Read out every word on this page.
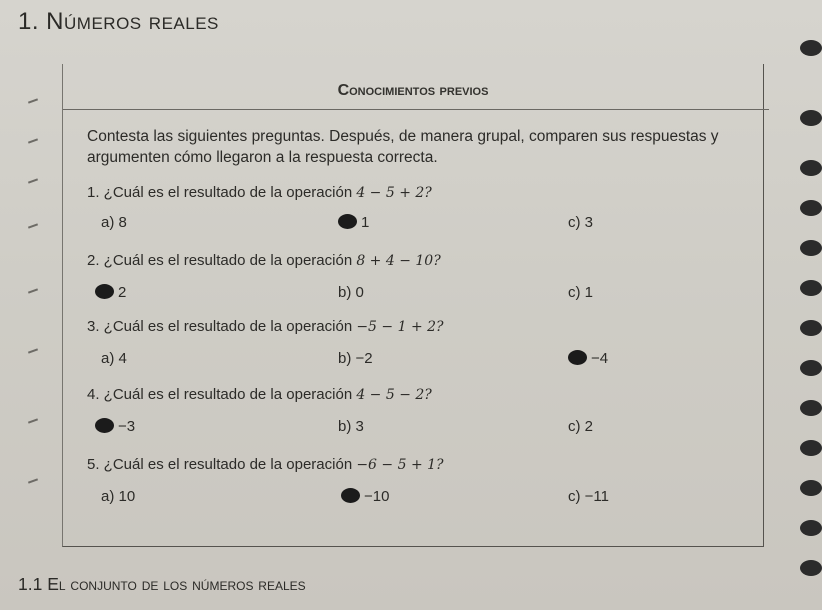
1. Números reales
Conocimientos previos
Contesta las siguientes preguntas. Después, de manera grupal, comparen sus respuestas y argumenten cómo llegaron a la respuesta correcta.
1. ¿Cuál es el resultado de la operación 4 − 5 + 2?
a) 8	1	c) 3
2. ¿Cuál es el resultado de la operación 8 + 4 − 10?
2	b) 0	c) 1
3. ¿Cuál es el resultado de la operación −5 − 1 + 2?
a) 4	b) −2	−4
4. ¿Cuál es el resultado de la operación 4 − 5 − 2?
−3	b) 3	c) 2
5. ¿Cuál es el resultado de la operación −6 − 5 + 1?
a) 10	−10	c) −11
1.1 El conjunto de los números reales
